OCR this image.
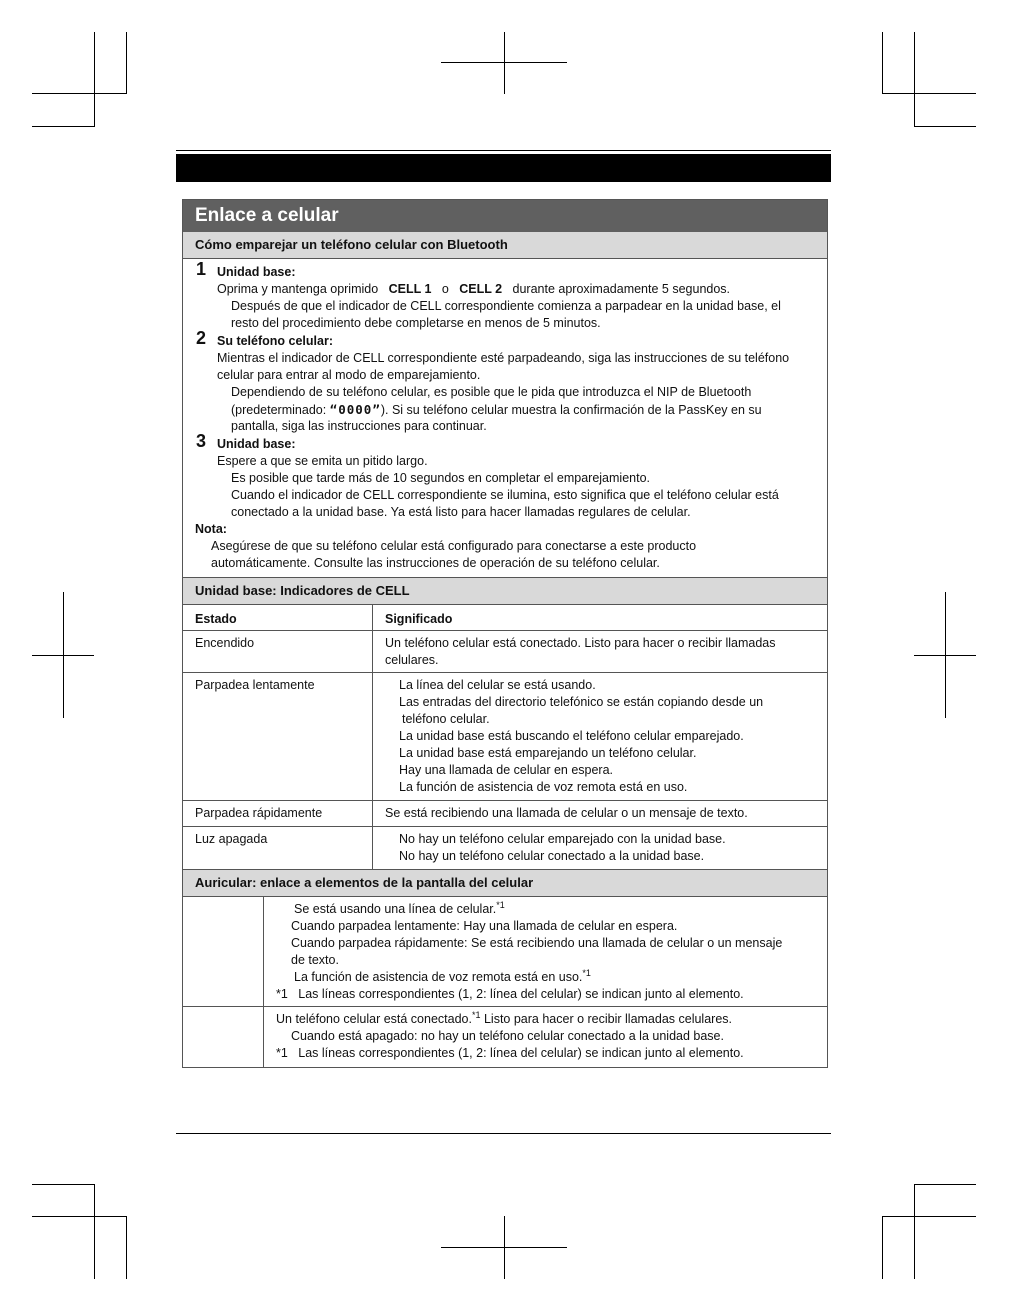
Enlace a celular
Cómo emparejar un teléfono celular con Bluetooth
1 Unidad base:
Oprima y mantenga oprimido CELL 1 o CELL 2 durante aproximadamente 5 segundos.
Después de que el indicador de CELL correspondiente comienza a parpadear en la unidad base, el
resto del procedimiento debe completarse en menos de 5 minutos.
2 Su teléfono celular:
Mientras el indicador de CELL correspondiente esté parpadeando, siga las instrucciones de su teléfono
celular para entrar al modo de emparejamiento.
Dependiendo de su teléfono celular, es posible que le pida que introduzca el NIP de Bluetooth
(predeterminado: “0000”). Si su teléfono celular muestra la confirmación de la PassKey en su
pantalla, siga las instrucciones para continuar.
3 Unidad base:
Espere a que se emita un pitido largo.
Es posible que tarde más de 10 segundos en completar el emparejamiento.
Cuando el indicador de CELL correspondiente se ilumina, esto significa que el teléfono celular está
conectado a la unidad base. Ya está listo para hacer llamadas regulares de celular.
Nota:
Asegúrese de que su teléfono celular está configurado para conectarse a este producto
automáticamente. Consulte las instrucciones de operación de su teléfono celular.
Unidad base: Indicadores de CELL
Estado	Significado
Encendido	Un teléfono celular está conectado. Listo para hacer o recibir llamadas
celulares.
Parpadea lentamente	La línea del celular se está usando.
Las entradas del directorio telefónico se están copiando desde un
teléfono celular.
La unidad base está buscando el teléfono celular emparejado.
La unidad base está emparejando un teléfono celular.
Hay una llamada de celular en espera.
La función de asistencia de voz remota está en uso.
Parpadea rápidamente	Se está recibiendo una llamada de celular o un mensaje de texto.
Luz apagada	No hay un teléfono celular emparejado con la unidad base.
No hay un teléfono celular conectado a la unidad base.
Auricular: enlace a elementos de la pantalla del celular
Se está usando una línea de celular.$^{*1}$
Cuando parpadea lentamente: Hay una llamada de celular en espera.
Cuando parpadea rápidamente: Se está recibiendo una llamada de celular o un mensaje
de texto.
La función de asistencia de voz remota está en uso.$^{*1}$
*1 Las líneas correspondientes (1, 2: línea del celular) se indican junto al elemento.
Un teléfono celular está conectado.$^{*1}$ Listo para hacer o recibir llamadas celulares.
Cuando está apagado: no hay un teléfono celular conectado a la unidad base.
*1 Las líneas correspondientes (1, 2: línea del celular) se indican junto al elemento.
